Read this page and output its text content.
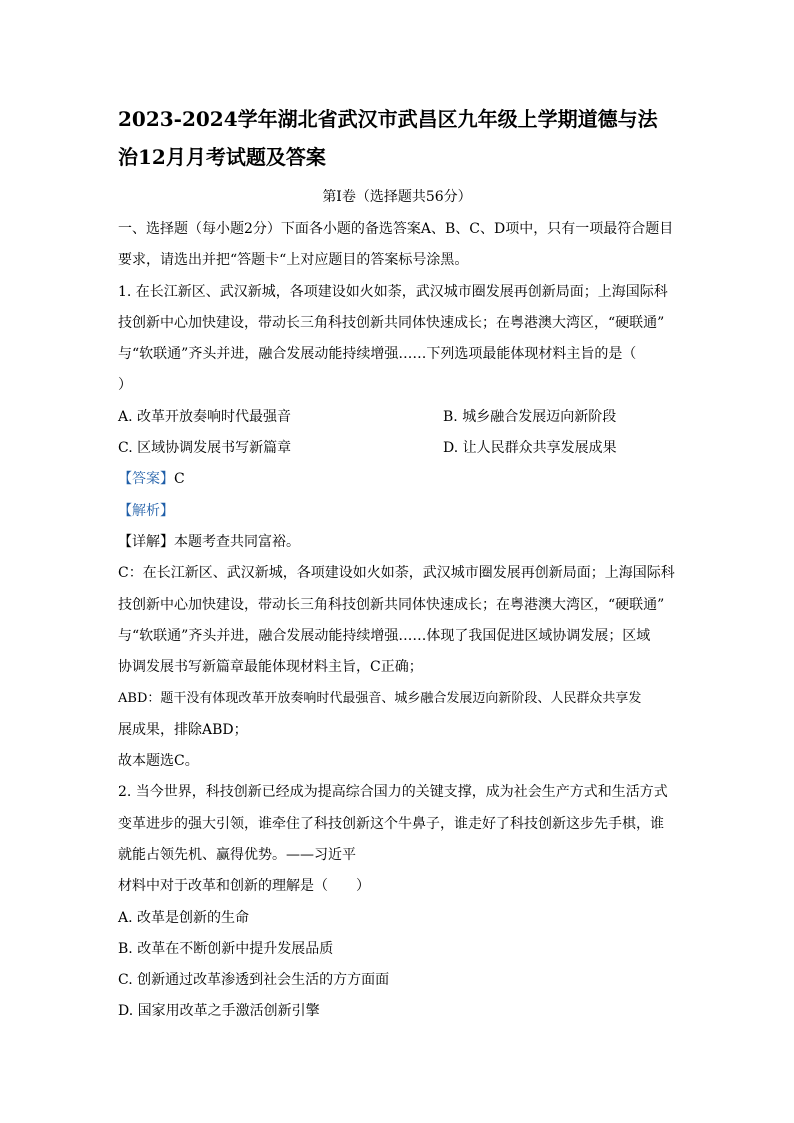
2023-2024学年湖北省武汉市武昌区九年级上学期道德与法
治12月月考试题及答案

第Ⅰ卷（选择题共56分）

一、选择题（每小题2分）下面各小题的备选答案A、B、C、D项中，只有一项最符合题目

要求，请选出并把“答题卡“上对应题目的答案标号涂黑。

1. 在长江新区、武汉新城，各项建设如火如荼，武汉城市圈发展再创新局面；上海国际科

技创新中心加快建设，带动长三角科技创新共同体快速成长；在粤港澳大湾区，“硬联通”

与“软联通”齐头并进，融合发展动能持续增强……下列选项最能体现材料主旨的是（

）

A. 改革开放奏响时代最强音	B. 城乡融合发展迈向新阶段
C. 区域协调发展书写新篇章	D. 让人民群众共享发展成果

【答案】C

【解析】

【详解】本题考查共同富裕。

C：在长江新区、武汉新城，各项建设如火如荼，武汉城市圈发展再创新局面；上海国际科

技创新中心加快建设，带动长三角科技创新共同体快速成长；在粤港澳大湾区，“硬联通”

与“软联通”齐头并进，融合发展动能持续增强……体现了我国促进区域协调发展；区域

协调发展书写新篇章最能体现材料主旨，C正确；

ABD：题干没有体现改革开放奏响时代最强音、城乡融合发展迈向新阶段、人民群众共享发

展成果，排除ABD；

故本题选C。

2. 当今世界，科技创新已经成为提高综合国力的关键支撑，成为社会生产方式和生活方式

变革进步的强大引领，谁牵住了科技创新这个牛鼻子，谁走好了科技创新这步先手棋，谁

就能占领先机、赢得优势。——习近平

材料中对于改革和创新的理解是（　　）

A. 改革是创新的生命

B. 改革在不断创新中提升发展品质

C. 创新通过改革渗透到社会生活的方方面面

D. 国家用改革之手激活创新引擎
